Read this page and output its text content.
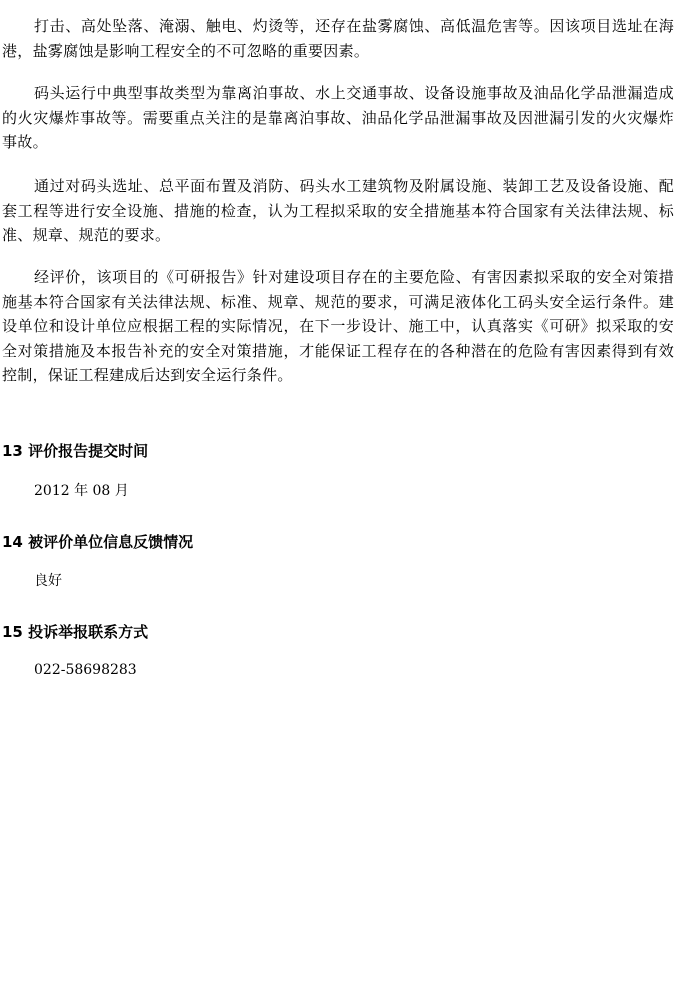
打击、高处坠落、淹溺、触电、灼烫等，还存在盐雾腐蚀、高低温危害等。因该项目选址在海港，盐雾腐蚀是影响工程安全的不可忽略的重要因素。

码头运行中典型事故类型为靠离泊事故、水上交通事故、设备设施事故及油品化学品泄漏造成的火灾爆炸事故等。需要重点关注的是靠离泊事故、油品化学品泄漏事故及因泄漏引发的火灾爆炸事故。

通过对码头选址、总平面布置及消防、码头水工建筑物及附属设施、装卸工艺及设备设施、配套工程等进行安全设施、措施的检查，认为工程拟采取的安全措施基本符合国家有关法律法规、标准、规章、规范的要求。

经评价，该项目的《可研报告》针对建设项目存在的主要危险、有害因素拟采取的安全对策措施基本符合国家有关法律法规、标准、规章、规范的要求，可满足液体化工码头安全运行条件。建设单位和设计单位应根据工程的实际情况，在下一步设计、施工中，认真落实《可研》拟采取的安全对策措施及本报告补充的安全对策措施，才能保证工程存在的各种潜在的危险有害因素得到有效控制，保证工程建成后达到安全运行条件。

13 评价报告提交时间

2012 年 08 月

14 被评价单位信息反馈情况

良好

15 投诉举报联系方式

022-58698283
